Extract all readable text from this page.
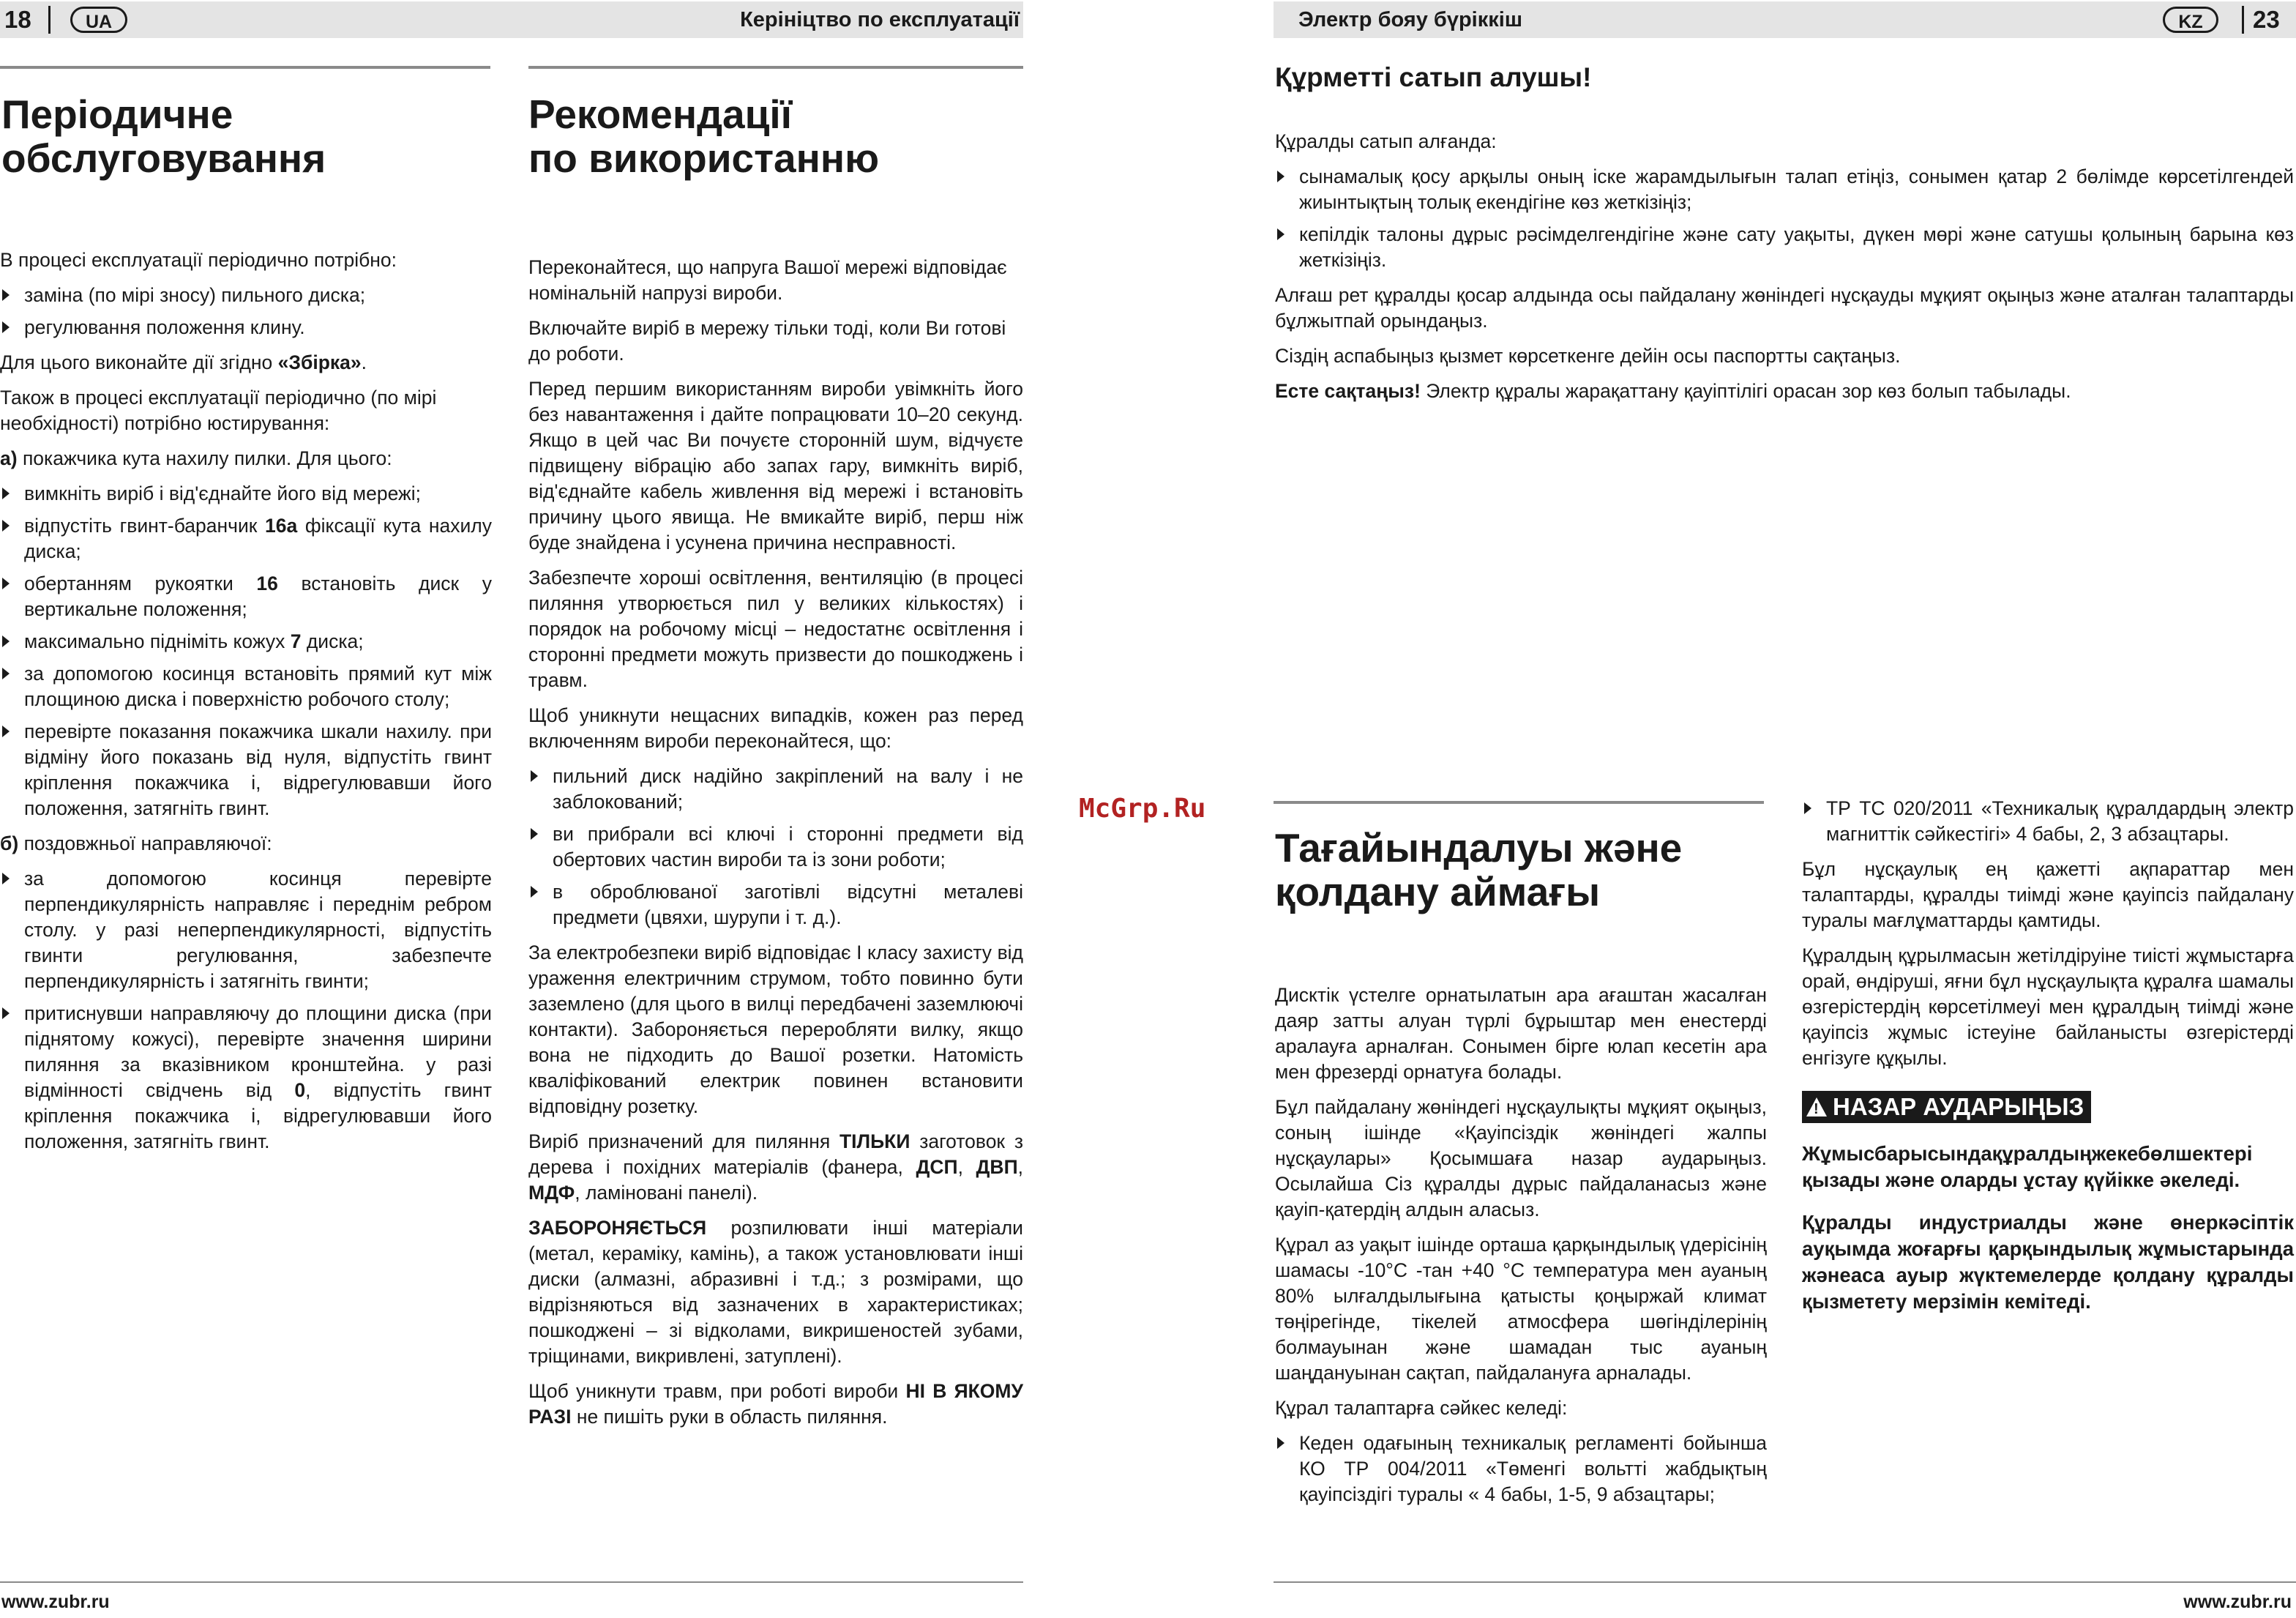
18	UA	Керініцтво по експлуатації
Періодичне
обслуговування

В процесі експлуатації періодично потрібно:

заміна (по мірі зносу) пильного диска;
регулювання положення клину.

Для цього виконайте дії згідно «Збірка».

Також в процесі експлуатації періодично (по мірі необхідності) потрібно юстирування:

а) покажчика кута нахилу пилки. Для цього:

вимкніть виріб і від'єднайте його від мережі;
відпустіть гвинт-баранчик 16а фіксації кута нахилу диска;
обертанням рукоятки 16 встановіть диск у вертикальне положення;
максимально підніміть кожух 7 диска;
за допомогою косинця встановіть прямий кут між площиною диска і поверхністю робочого столу;
перевірте показання покажчика шкали нахилу. при відміну його показань від нуля, відпустіть гвинт кріплення покажчика і, відрегулювавши його положення, затягніть гвинт.

б) поздовжньої направляючої:

за допомогою косинця перевірте перпендикулярність направляє і переднім ребром столу. у разі неперпендикулярності, відпустіть гвинти регулювання, забезпечте перпендикулярність і затягніть гвинти;
притиснувши направляючу до площини диска (при піднятому кожусі), перевірте значення ширини пиляння за вказівником кронштейна. у разі відмінності свідчень від 0, відпустіть гвинт кріплення покажчика і, відрегулювавши його положення, затягніть гвинт.
Рекомендації
по використанню

Переконайтеся, що напруга Вашої мережі відповідає номінальній напрузі вироби.

Включайте виріб в мережу тільки тоді, коли Ви готові до роботи.

Перед першим використанням вироби увімкніть його без навантаження і дайте попрацювати 10–20 секунд. Якщо в цей час Ви почуєте сторонній шум, відчуєте підвищену вібрацію або запах гару, вимкніть виріб, від'єднайте кабель живлення від мережі і встановіть причину цього явища. Не вмикайте виріб, перш ніж буде знайдена і усунена причина несправності.

Забезпечте хороші освітлення, вентиляцію (в процесі пиляння утворюється пил у великих кількостях) і порядок на робочому місці – недостатнє освітлення і сторонні предмети можуть призвести до пошкоджень і травм.

Щоб уникнути нещасних випадків, кожен раз перед включенням вироби переконайтеся, що:

пильний диск надійно закріплений на валу і не заблокований;
ви прибрали всі ключі і сторонні предмети від обертових частин вироби та із зони роботи;
в оброблюваної заготівлі відсутні металеві предмети (цвяхи, шурупи і т. д.).

За електробезпеки виріб відповідає I класу захисту від ураження електричним струмом, тобто повинно бути заземлено (для цього в вилці передбачені заземлюючі контакти). Забороняється переробляти вилку, якщо вона не підходить до Вашої розетки. Натомість кваліфікований електрик повинен встановити відповідну розетку.

Виріб призначений для пиляння ТІЛЬКИ заготовок з дерева і похідних матеріалів (фанера, ДСП, ДВП, МДФ, ламіновані панелі).

ЗАБОРОНЯЄТЬСЯ розпилювати інші матеріали (метал, кераміку, камінь), а також установлювати інші диски (алмазні, абразивні і т.д.; з розмірами, що відрізняються від зазначених в характеристиках; пошкоджені – зі відколами, викришеностей зубами, тріщинами, викривлені, затуплені).

Щоб уникнути травм, при роботі вироби НІ В ЯКОМУ РАЗІ не пишіть руки в область пиляння.

www.zubr.ru
McGrp.Ru
Электр бояу бүріккіш	KZ	23
Құрметті сатып алушы!

Құралды сатып алғанда:

сынамалық қосу арқылы оның іске жарамдылығын талап етіңіз, сонымен қатар 2 бөлімде көрсетілгендей жиынтықтың толық екендігіне көз жеткізіңіз;
кепілдік талоны дұрыс рәсімделгендігіне және сату уақыты, дүкен мөрі және сатушы қолының барына көз жеткізіңіз.

Алғаш рет құралды қосар алдында осы пайдалану жөніндегі нұсқауды мұқият оқыңыз және аталған талаптарды бұлжытпай орындаңыз.

Сіздің аспабыңыз қызмет көрсеткенге дейін осы паспортты сақтаңыз.

Есте сақтаңыз! Электр құралы жарақаттану қауіптілігі орасан зор көз болып табылады.

Тағайындалуы және
қолдану аймағы

Дисктік үстелге орнатылатын ара ағаштан жасалған даяр затты алуан түрлі бұрыштар мен енестерді аралауға арналған. Сонымен бірге юлап кесетін ара мен фрезерді орнатуға болады.

Бұл пайдалану жөніндегі нұсқаулықты мұқият оқыңыз, соның ішінде «Қауіпсіздік жөніндегі жалпы нұсқаулары» Қосымшаға назар аударыңыз. Осылайша Сіз құралды дұрыс пайдаланасыз және қауіп-қатердің алдын аласыз.

Құрал аз уақыт ішінде орташа қарқындылық үдерісінің шамасы -10°С -тан +40 °С температура мен ауаның 80% ылғалдылығына қатысты қоңыржай климат төңірегінде, тікелей атмосфера шөгінділерінің болмауынан және шамадан тыс ауаның шаңдануынан сақтап, пайдалануға арналады.

Құрал талаптарға сәйкес келеді:

Кеден одағының техникалық регламенті бойынша КО ТР 004/2011 «Төменгі вольтті жабдықтың қауіпсіздігі туралы « 4 бабы, 1-5, 9 абзацтары;
ТР ТС 020/2011 «Техникалық құралдардың электр магниттік сәйкестігі» 4 бабы, 2, 3 абзацтары.

Бұл нұсқаулық ең қажетті ақпараттар мен талаптарды, құралды тиімді және қауіпсіз пайдалану туралы мағлұматтарды қамтиды.

Құралдың құрылмасын жетілдіруіне тиісті жұмыстарға орай, өндіруші, яғни бұл нұсқаулықта құралға шамалы өзгерістердің көрсетілмеуі мен құралдың тиімді және қауіпсіз жұмыс істеуіне байланысты өзгерістерді енгізуге құқылы.

! НАЗАР АУДАРЫҢЫЗ

Жұмысбарысындақұралдыңжекебөлшектері қызады және оларды ұстау қүйікке әкеледі.

Құралды индустриалды және өнеркәсіптік ауқымда жоғарғы қарқындылық жұмыстарында жәнеаса ауыр жүктемелерде қолдану құралды қызметету мерзімін кемітеді.

www.zubr.ru
